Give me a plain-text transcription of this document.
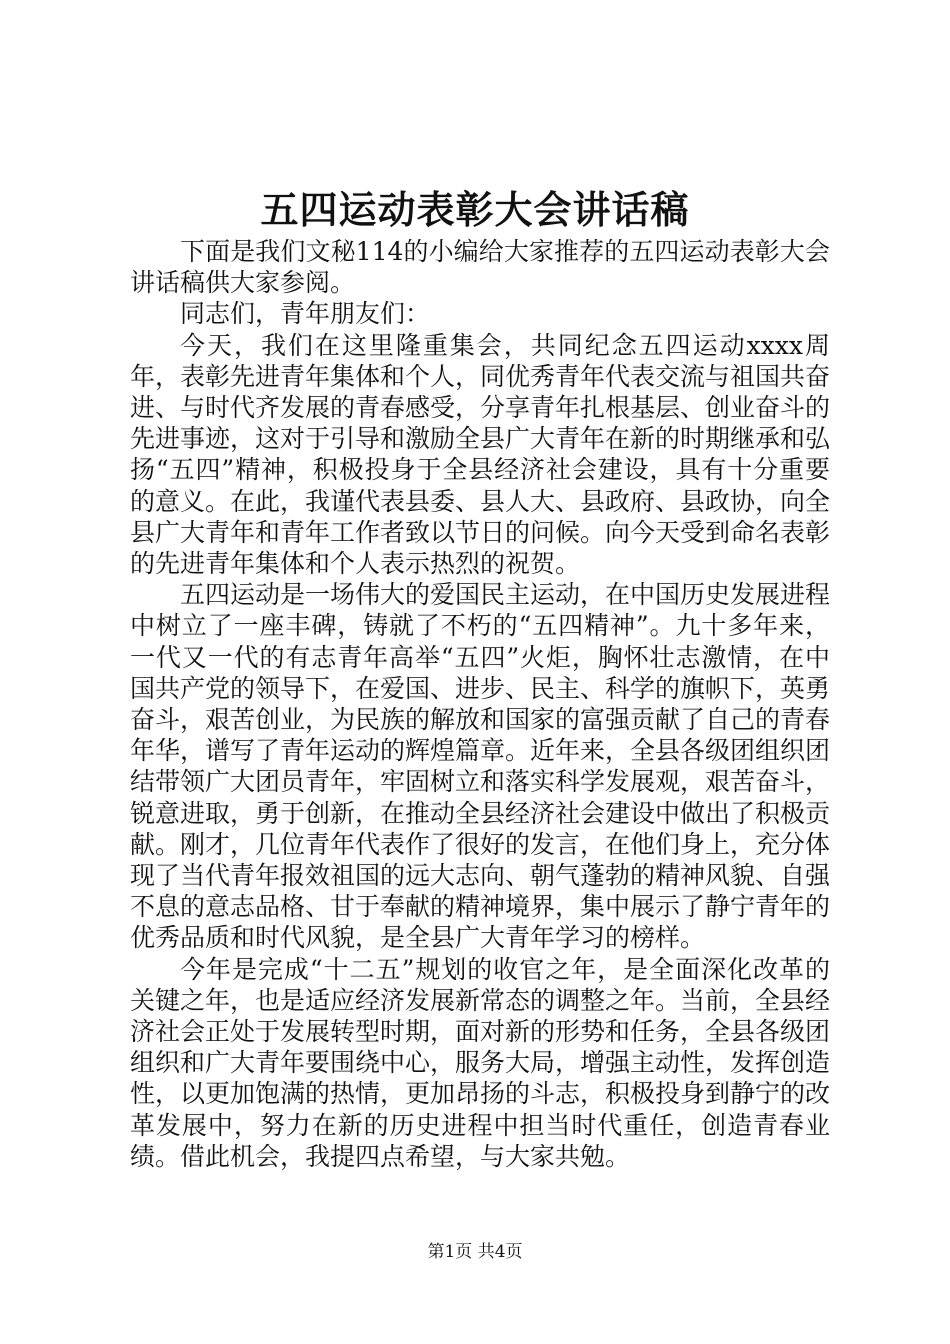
五四运动表彰大会讲话稿

下面是我们文秘114的小编给大家推荐的五四运动表彰大会讲话稿供大家参阅。

同志们，青年朋友们：

今天，我们在这里隆重集会，共同纪念五四运动xxxx周年，表彰先进青年集体和个人，同优秀青年代表交流与祖国共奋进、与时代齐发展的青春感受，分享青年扎根基层、创业奋斗的先进事迹，这对于引导和激励全县广大青年在新的时期继承和弘扬“五四”精神，积极投身于全县经济社会建设，具有十分重要的意义。在此，我谨代表县委、县人大、县政府、县政协，向全县广大青年和青年工作者致以节日的问候。向今天受到命名表彰的先进青年集体和个人表示热烈的祝贺。

五四运动是一场伟大的爱国民主运动，在中国历史发展进程中树立了一座丰碑，铸就了不朽的“五四精神”。九十多年来，一代又一代的有志青年高举“五四”火炬，胸怀壮志激情，在中国共产党的领导下，在爱国、进步、民主、科学的旗帜下，英勇奋斗，艰苦创业，为民族的解放和国家的富强贡献了自己的青春年华，谱写了青年运动的辉煌篇章。近年来，全县各级团组织团结带领广大团员青年，牢固树立和落实科学发展观，艰苦奋斗，锐意进取，勇于创新，在推动全县经济社会建设中做出了积极贡献。刚才，几位青年代表作了很好的发言，在他们身上，充分体现了当代青年报效祖国的远大志向、朝气蓬勃的精神风貌、自强不息的意志品格、甘于奉献的精神境界，集中展示了静宁青年的优秀品质和时代风貌，是全县广大青年学习的榜样。

今年是完成“十二五”规划的收官之年，是全面深化改革的关键之年，也是适应经济发展新常态的调整之年。当前，全县经济社会正处于发展转型时期，面对新的形势和任务，全县各级团组织和广大青年要围绕中心，服务大局，增强主动性，发挥创造性，以更加饱满的热情，更加昂扬的斗志，积极投身到静宁的改革发展中，努力在新的历史进程中担当时代重任，创造青春业绩。借此机会，我提四点希望，与大家共勉。

第1页 共4页
